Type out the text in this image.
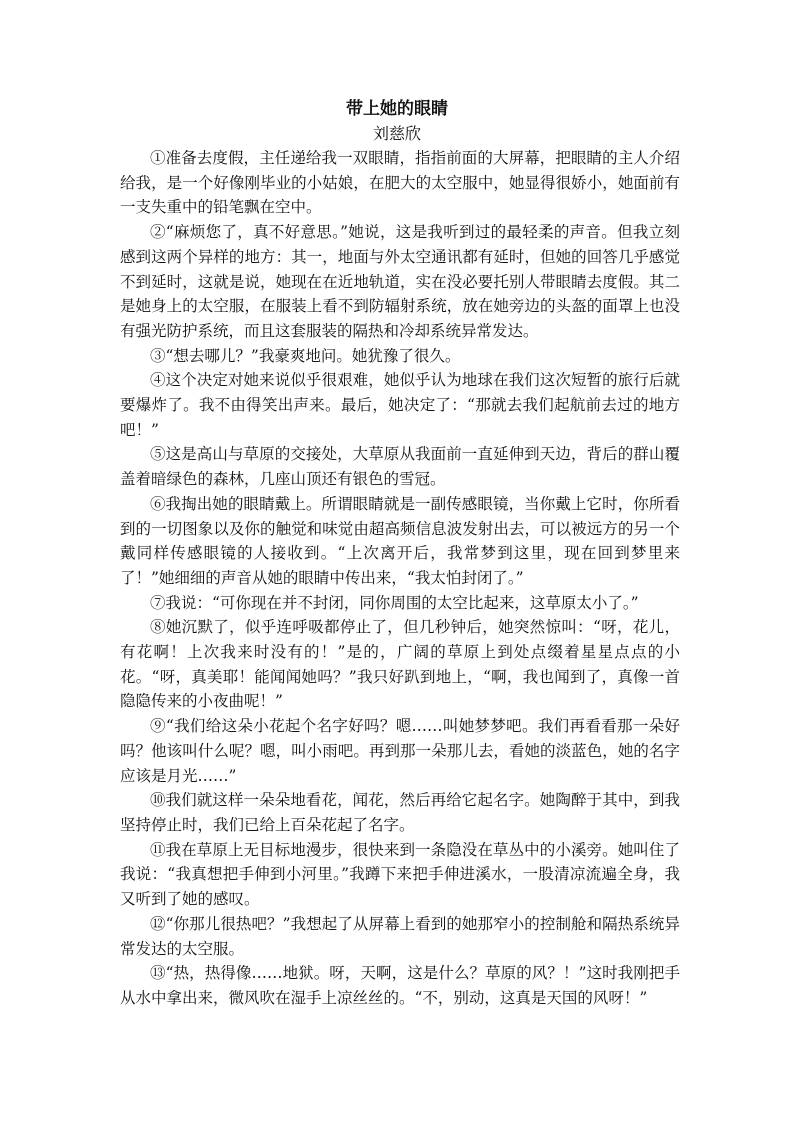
带上她的眼睛
刘慈欣

①准备去度假，主任递给我一双眼睛，指指前面的大屏幕，把眼睛的主人介绍给我，是一个好像刚毕业的小姑娘，在肥大的太空服中，她显得很娇小，她面前有一支失重中的铅笔飘在空中。

②“麻烦您了，真不好意思。”她说，这是我听到过的最轻柔的声音。但我立刻感到这两个异样的地方：其一，地面与外太空通讯都有延时，但她的回答几乎感觉不到延时，这就是说，她现在在近地轨道，实在没必要托别人带眼睛去度假。其二是她身上的太空服，在服装上看不到防辐射系统，放在她旁边的头盔的面罩上也没有强光防护系统，而且这套服装的隔热和冷却系统异常发达。

③“想去哪儿？”我豪爽地问。她犹豫了很久。

④这个决定对她来说似乎很艰难，她似乎认为地球在我们这次短暂的旅行后就要爆炸了。我不由得笑出声来。最后，她决定了：“那就去我们起航前去过的地方吧！”

⑤这是高山与草原的交接处，大草原从我面前一直延伸到天边，背后的群山覆盖着暗绿色的森林，几座山顶还有银色的雪冠。

⑥我掏出她的眼睛戴上。所谓眼睛就是一副传感眼镜，当你戴上它时，你所看到的一切图象以及你的触觉和味觉由超高频信息波发射出去，可以被远方的另一个戴同样传感眼镜的人接收到。“上次离开后，我常梦到这里，现在回到梦里来了！”她细细的声音从她的眼睛中传出来，“我太怕封闭了。”

⑦我说：“可你现在并不封闭，同你周围的太空比起来，这草原太小了。”

⑧她沉默了，似乎连呼吸都停止了，但几秒钟后，她突然惊叫：“呀，花儿，有花啊！上次我来时没有的！”是的，广阔的草原上到处点缀着星星点点的小花。“呀，真美耶！能闻闻她吗？”我只好趴到地上，“啊，我也闻到了，真像一首隐隐传来的小夜曲呢！”

⑨“我们给这朵小花起个名字好吗？嗯……叫她梦梦吧。我们再看看那一朵好吗？他该叫什么呢？嗯，叫小雨吧。再到那一朵那儿去，看她的淡蓝色，她的名字应该是月光……”

⑩我们就这样一朵朵地看花，闻花，然后再给它起名字。她陶醉于其中，到我坚持停止时，我们已给上百朵花起了名字。

⑪我在草原上无目标地漫步，很快来到一条隐没在草丛中的小溪旁。她叫住了我说：“我真想把手伸到小河里。”我蹲下来把手伸进溪水，一股清凉流遍全身，我又听到了她的感叹。

⑫“你那儿很热吧？”我想起了从屏幕上看到的她那窄小的控制舱和隔热系统异常发达的太空服。

⑬“热，热得像……地狱。呀，天啊，这是什么？草原的风？！”这时我刚把手从水中拿出来，微风吹在湿手上凉丝丝的。“不，别动，这真是天国的风呀！”
